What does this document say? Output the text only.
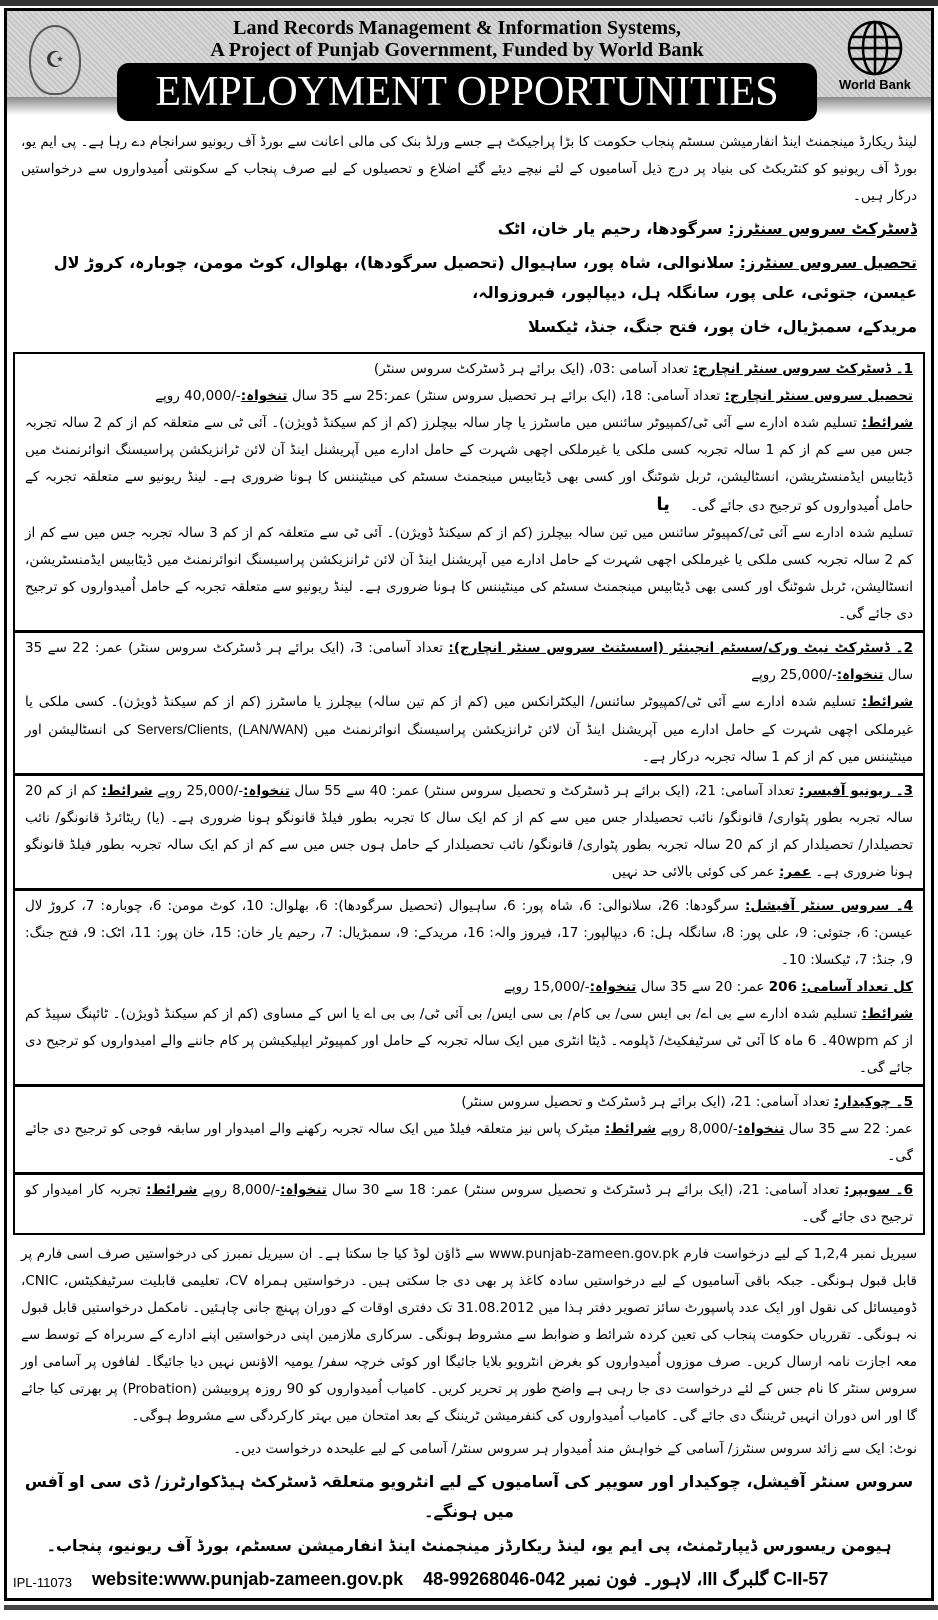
☪
Land Records Management & Information Systems,
A Project of Punjab Government, Funded by World Bank
EMPLOYMENT OPPORTUNITIES	World Bank
لینڈ ریکارڈ مینجمنٹ اینڈ انفارمیشن سسٹم پنجاب حکومت کا بڑا پراجیکٹ ہے جسے ورلڈ بنک کی مالی اعانت سے بورڈ آف ریونیو سرانجام دے رہا ہے۔ پی ایم یو، بورڈ آف ریونیو کو کنٹریکٹ کی بنیاد پر درج ذیل آسامیوں کے لئے نیچے دیئے گئے اضلاع و تحصیلوں کے لیے صرف پنجاب کے سکونتی اُمیدواروں سے درخواستیں درکار ہیں۔
ڈسٹرکٹ سروس سنٹرز: سرگودھا، رحیم یار خان، اٹک
تحصیل سروس سنٹرز: سلانوالی، شاہ پور، ساہیوال (تحصیل سرگودھا)، بھلوال، کوٹ مومن، چوبارہ، کروڑ لال عیسن، جتوئی، علی پور، سانگلہ ہل، دیپالپور، فیروزوالہ،
مریدکے، سمبڑیال، خان پور، فتح جنگ، جنڈ، ٹیکسلا
1۔ ڈسٹرکٹ سروس سنٹر انچارج: تعداد آسامی :03، (ایک برائے ہر ڈسٹرکٹ سروس سنٹر)
تحصیل سروس سنٹر انچارج: تعداد آسامی: 18، (ایک برائے ہر تحصیل سروس سنٹر) عمر:25 سے 35 سال تنخواہ:-/40,000 روپے
شرائط: تسلیم شدہ ادارے سے آئی ٹی/کمپیوٹر سائنس میں ماسٹرز یا چار سالہ بیچلرز (کم از کم سیکنڈ ڈویژن)۔ آئی ٹی سے متعلقہ کم از کم 2 سالہ تجربہ جس میں سے کم از کم 1 سالہ تجربہ کسی ملکی یا غیرملکی اچھی شہرت کے حامل ادارے میں آپریشنل اینڈ آن لائن ٹرانزیکشن پراسیسنگ انوائرنمنٹ میں ڈیٹابیس ایڈمنسٹریشن، انسٹالیشن، ٹربل شوٹنگ اور کسی بھی ڈیٹابیس مینجمنٹ سسٹم کی مینٹیننس کا ہونا ضروری ہے۔ لینڈ ریونیو سے متعلقہ تجربہ کے حامل اُمیدواروں کو ترجیح دی جائے گی۔یا
تسلیم شدہ ادارے سے آئی ٹی/کمپیوٹر سائنس میں تین سالہ بیچلرز (کم از کم سیکنڈ ڈویژن)۔ آئی ٹی سے متعلقہ کم از کم 3 سالہ تجربہ جس میں سے کم از کم 2 سالہ تجربہ کسی ملکی یا غیرملکی اچھی شہرت کے حامل ادارے میں آپریشنل اینڈ آن لائن ٹرانزیکشن پراسیسنگ انوائرنمنٹ میں ڈیٹابیس ایڈمنسٹریشن، انسٹالیشن، ٹربل شوٹنگ اور کسی بھی ڈیٹابیس مینجمنٹ سسٹم کی مینٹیننس کا ہونا ضروری ہے۔ لینڈ ریونیو سے متعلقہ تجربہ کے حامل اُمیدواروں کو ترجیح دی جائے گی۔
2۔ ڈسٹرکٹ نیٹ ورک/سسٹم انجینئر (اسسٹنٹ سروس سنٹر انچارج): تعداد آسامی: 3، (ایک برائے ہر ڈسٹرکٹ سروس سنٹر) عمر: 22 سے 35 سال تنخواہ:-/25,000 روپے
شرائط: تسلیم شدہ ادارے سے آئی ٹی/کمپیوٹر سائنس/ الیکٹرانکس میں (کم از کم تین سالہ) بیچلرز یا ماسٹرز (کم از کم سیکنڈ ڈویژن)۔ کسی ملکی یا غیرملکی اچھی شہرت کے حامل ادارے میں آپریشنل اینڈ آن لائن ٹرانزیکشن پراسیسنگ انوائرنمنٹ میں Servers/Clients, (LAN/WAN) کی انسٹالیشن اور مینٹیننس میں کم از کم 1 سالہ تجربہ درکار ہے۔
3۔ ریونیو آفیسر: تعداد آسامی: 21، (ایک برائے ہر ڈسٹرکٹ و تحصیل سروس سنٹر) عمر: 40 سے 55 سال تنخواہ:-/25,000 روپے شرائط: کم از کم 20 سالہ تجربہ بطور پٹواری/ قانونگو/ نائب تحصیلدار جس میں سے کم از کم ایک سال کا تجربہ بطور فیلڈ قانونگو ہونا ضروری ہے۔ (یا) ریٹائرڈ قانونگو/ نائب تحصیلدار/ تحصیلدار کم از کم 20 سالہ تجربہ بطور پٹواری/ قانونگو/ نائب تحصیلدار کے حامل ہوں جس میں سے کم از کم ایک سالہ تجربہ بطور فیلڈ قانونگو ہونا ضروری ہے۔ عمر: عمر کی کوئی بالائی حد نہیں
4۔ سروس سنٹر آفیشل: سرگودھا: 26، سلانوالی: 6، شاہ پور: 6، ساہیوال (تحصیل سرگودھا): 6، بھلوال: 10، کوٹ مومن: 6، چوبارہ: 7، کروڑ لال عیسن: 6، جتوئی: 9، علی پور: 8، سانگلہ ہل: 6، دیپالپور: 17، فیروز والہ: 16، مریدکے: 9، سمبڑیال: 7، رحیم یار خان: 15، خان پور: 11، اٹک: 9، فتح جنگ: 9، جنڈ: 7، ٹیکسلا: 10۔
کل تعداد آسامی: 206 عمر: 20 سے 35 سال تنخواہ:-/15,000 روپے
شرائط: تسلیم شدہ ادارے سے بی اے/ بی ایس سی/ بی کام/ بی سی ایس/ بی آئی ٹی/ بی بی اے یا اس کے مساوی (کم از کم سیکنڈ ڈویژن)۔ ٹائپنگ سپیڈ کم از کم 40wpm۔ 6 ماہ کا آئی ٹی سرٹیفکیٹ/ ڈپلومہ۔ ڈیٹا انٹری میں ایک سالہ تجربہ کے حامل اور کمپیوٹر ایپلیکیشن پر کام جاننے والے امیدواروں کو ترجیح دی جائے گی۔
5۔ چوکیدار: تعداد آسامی: 21، (ایک برائے ہر ڈسٹرکٹ و تحصیل سروس سنٹر)
عمر: 22 سے 35 سال تنخواہ:-/8,000 روپے شرائط: میٹرک پاس نیز متعلقہ فیلڈ میں ایک سالہ تجربہ رکھنے والے امیدوار اور سابقہ فوجی کو ترجیح دی جائے گی۔
6۔ سویپر: تعداد آسامی: 21، (ایک برائے ہر ڈسٹرکٹ و تحصیل سروس سنٹر) عمر: 18 سے 30 سال تنخواہ:-/8,000 روپے شرائط: تجربہ کار امیدوار کو ترجیح دی جائے گی۔
سیریل نمبر 1,2,4 کے لیے درخواست فارم www.punjab-zameen.gov.pk سے ڈاؤن لوڈ کیا جا سکتا ہے۔ ان سیریل نمبرز کی درخواستیں صرف اسی فارم پر قابل قبول ہونگی۔ جبکہ باقی آسامیوں کے لیے درخواستیں سادہ کاغذ پر بھی دی جا سکتی ہیں۔ درخواستیں ہمراہ CV، تعلیمی قابلیت سرٹیفکیٹس، CNIC، ڈومیسائل کی نقول اور ایک عدد پاسپورٹ سائز تصویر دفتر ہذا میں 31.08.2012 تک دفتری اوقات کے دوران پہنچ جانی چاہئیں۔ نامکمل درخواستیں قابل قبول نہ ہونگی۔ تقرریاں حکومت پنجاب کی تعین کردہ شرائط و ضوابط سے مشروط ہونگی۔ سرکاری ملازمین اپنی درخواستیں اپنے ادارے کے سربراہ کے توسط سے معہ اجازت نامہ ارسال کریں۔ صرف موزوں اُمیدواروں کو بغرض انٹرویو بلایا جائیگا اور کوئی خرچہ سفر/ یومیہ الاؤنس نہیں دیا جائیگا۔ لفافوں پر آسامی اور سروس سنٹر کا نام جس کے لئے درخواست دی جا رہی ہے واضح طور پر تحریر کریں۔ کامیاب اُمیدواروں کو 90 روزہ پروبیشن (Probation) پر بھرتی کیا جائے گا اور اس دوران انہیں ٹریننگ دی جائے گی۔ کامیاب اُمیدواروں کی کنفرمیشن ٹریننگ کے بعد امتحان میں بہتر کارکردگی سے مشروط ہوگی۔
نوٹ: ایک سے زائد سروس سنٹرز/ آسامی کے خواہش مند اُمیدوار ہر سروس سنٹر/ آسامی کے لیے علیحدہ درخواست دیں۔
سروس سنٹر آفیشل، چوکیدار اور سویپر کی آسامیوں کے لیے انٹرویو متعلقہ ڈسٹرکٹ ہیڈکوارٹرز/ ڈی سی او آفس میں ہونگے۔
ہیومن ریسورس ڈیپارٹمنٹ، پی ایم یو، لینڈ ریکارڈز مینجمنٹ اینڈ انفارمیشن سسٹم، بورڈ آف ریونیو، پنجاب۔
IPL-11073 website:www.punjab-zameen.gov.pk 57-C-II گلبرگ III، لاہور۔ فون نمبر 042-99268046-48
